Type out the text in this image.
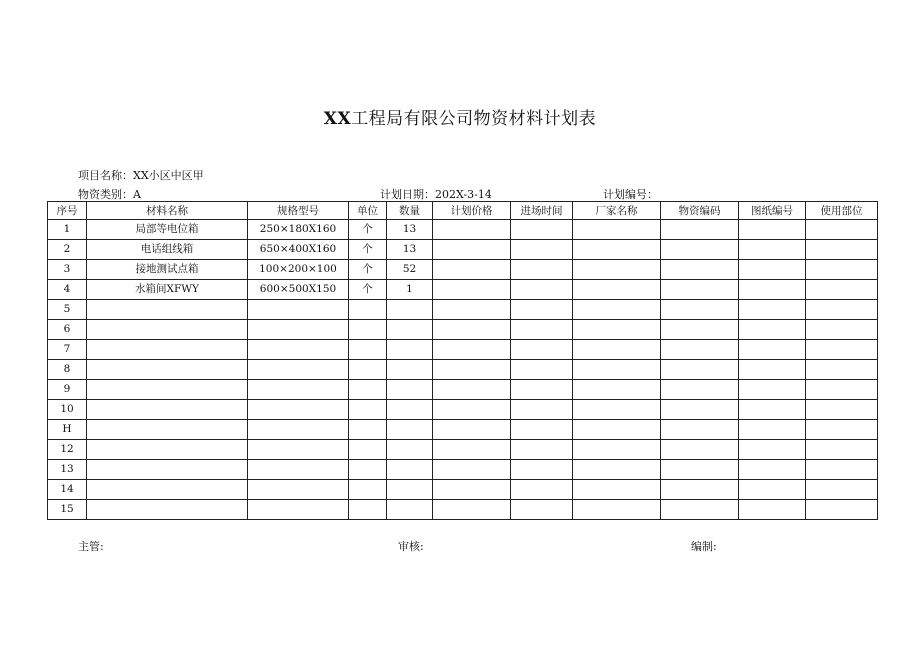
XX工程局有限公司物资材料计划表
项目名称：XX小区中区甲
物资类别：A	计划日期：202X-3-14	计划编号：
序号	材料名称	规格型号	单位	数量	计划价格	进场时间	厂家名称	物资编码	图纸编号	使用部位
1	局部等电位箱	250×180X160	个	13						
2	电话组线箱	650×400X160	个	13						
3	接地测试点箱	100×200×100	个	52						
4	水箱间XFWY	600×500X150	个	1						
5										
6										
7										
8										
9										
10										
H										
12										
13										
14										
15										
主管:	审核:	编制:
